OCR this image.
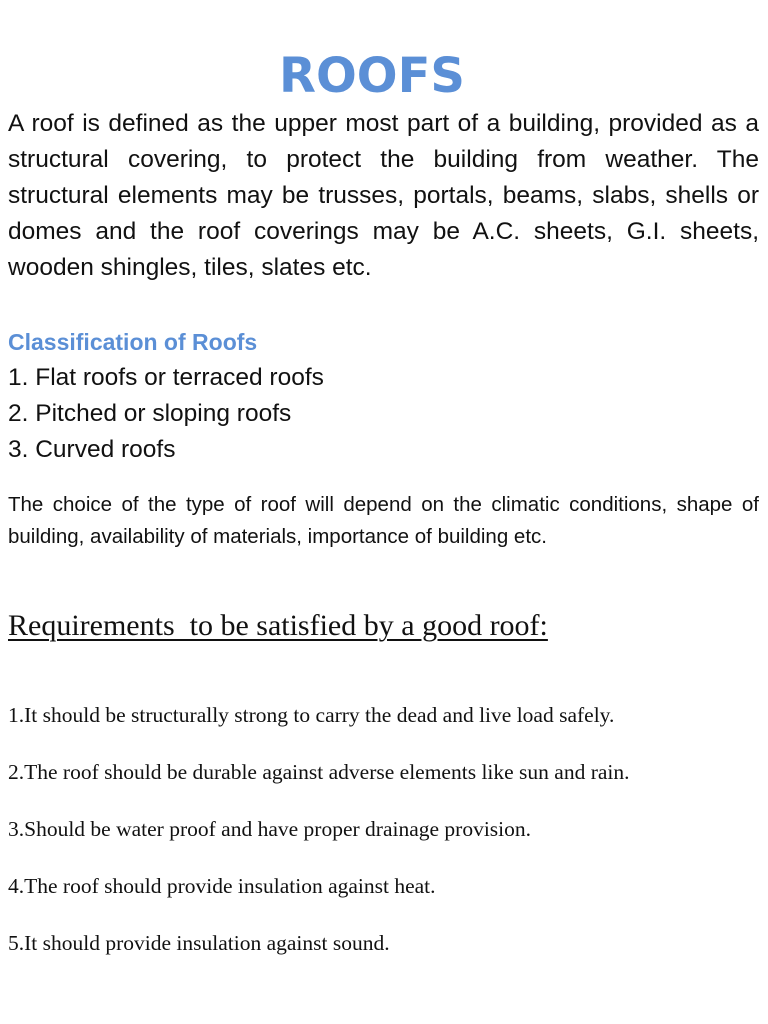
ROOFS

A roof is defined as the upper most part of a building, provided as a structural covering, to protect the building from weather. The structural elements may be trusses, portals, beams, slabs, shells or domes and the roof coverings may be A.C. sheets, G.I. sheets, wooden shingles, tiles, slates etc.

Classification of Roofs
1. Flat roofs or terraced roofs
2. Pitched or sloping roofs
3. Curved roofs

The choice of the type of roof will depend on the climatic conditions, shape of building, availability of materials, importance of building etc.

Requirements  to be satisfied by a good roof:
1.It should be structurally strong to carry the dead and live load safely.
2.The roof should be durable against adverse elements like sun and rain.
3.Should be water proof and have proper drainage provision.
4.The roof should provide insulation against heat.
5.It should provide insulation against sound.
